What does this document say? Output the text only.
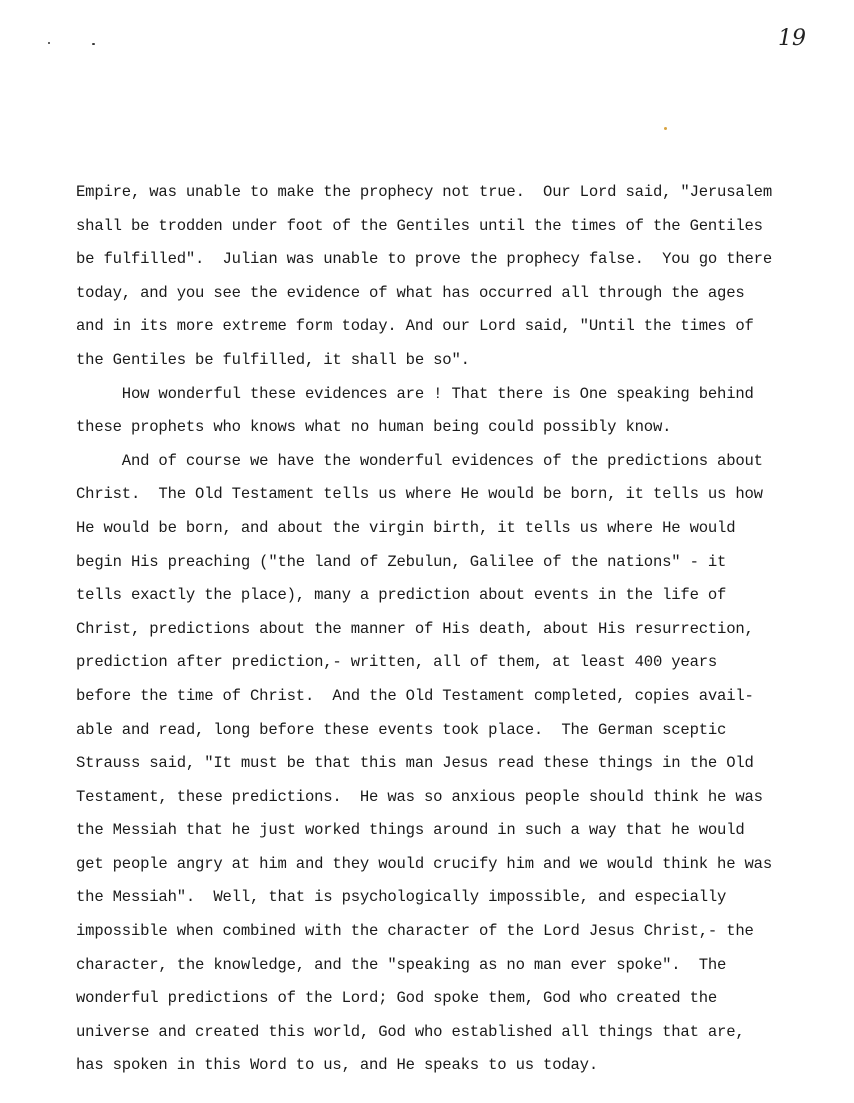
19
Empire, was unable to make the prophecy not true.  Our Lord said, "Jerusalem
shall be trodden under foot of the Gentiles until the times of the Gentiles
be fulfilled".  Julian was unable to prove the prophecy false.  You go there
today, and you see the evidence of what has occurred all through the ages
and in its more extreme form today. And our Lord said, "Until the times of
the Gentiles be fulfilled, it shall be so".
How wonderful these evidences are ! That there is One speaking behind
these prophets who knows what no human being could possibly know.
And of course we have the wonderful evidences of the predictions about
Christ.  The Old Testament tells us where He would be born, it tells us how
He would be born, and about the virgin birth, it tells us where He would
begin His preaching ("the land of Zebulun, Galilee of the nations" - it
tells exactly the place), many a prediction about events in the life of
Christ, predictions about the manner of His death, about His resurrection,
prediction after prediction,- written, all of them, at least 400 years
before the time of Christ.  And the Old Testament completed, copies avail-
able and read, long before these events took place.  The German sceptic
Strauss said, "It must be that this man Jesus read these things in the Old
Testament, these predictions.  He was so anxious people should think he was
the Messiah that he just worked things around in such a way that he would
get people angry at him and they would crucify him and we would think he was
the Messiah".  Well, that is psychologically impossible, and especially
impossible when combined with the character of the Lord Jesus Christ,- the
character, the knowledge, and the "speaking as no man ever spoke".  The
wonderful predictions of the Lord; God spoke them, God who created the
universe and created this world, God who established all things that are,
has spoken in this Word to us, and He speaks to us today.
